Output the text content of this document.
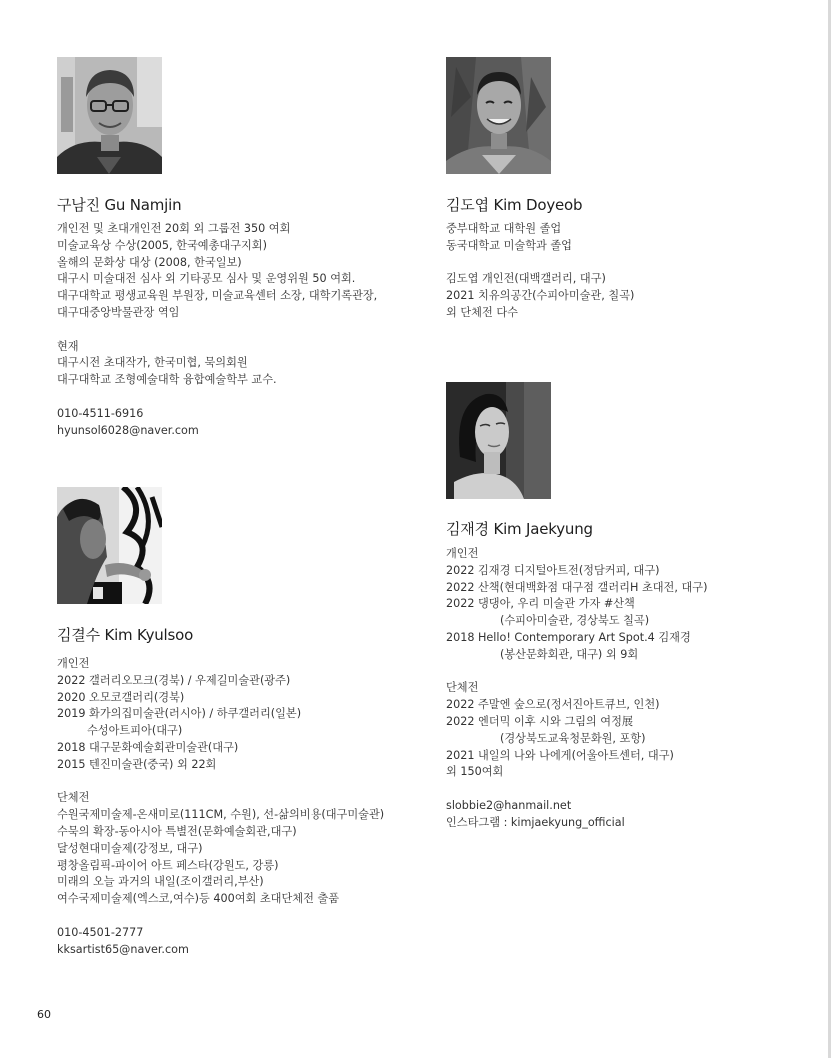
구남진 Gu Namjin
개인전 및 초대개인전 20회 외 그룹전 350 여회
미술교육상 수상(2005, 한국예총대구지회)
올해의 문화상 대상 (2008, 한국일보)
대구시 미술대전 심사 외 기타공모 심사 및 운영위원 50 여회.
대구대학교 평생교육원 부원장, 미술교육센터 소장, 대학기록관장,
대구대중앙박물관장 역임
현재
대구시전 초대작가, 한국미협, 묵의회원
대구대학교 조형예술대학 융합예술학부 교수.
010-4511-6916
hyunsol6028@naver.com
김도엽 Kim Doyeob
중부대학교 대학원 졸업
동국대학교 미술학과 졸업
김도엽 개인전(대백갤러리, 대구)
2021 치유의공간(수피아미술관, 칠곡)
외 단체전 다수
김재경 Kim Jaekyung
개인전
2022 김재경 디지털아트전(정담커피, 대구)
2022 산책(현대백화점 대구점 갤러리H 초대전, 대구)
2022 댕댕아, 우리 미술관 가자 #산책
(수피아미술관, 경상북도 칠곡)
2018 Hello! Contemporary Art Spot.4 김재경
(봉산문화회관, 대구) 외 9회
단체전
2022 주말엔 숲으로(정서진아트큐브, 인천)
2022 엔더믹 이후 시와 그림의 여정展
(경상북도교육청문화원, 포항)
2021 내일의 나와 나에게(어울아트센터, 대구)
외 150여회
slobbie2@hanmail.net
인스타그램 : kimjaekyung_official
김결수 Kim Kyulsoo
개인전
2022 갤러리오모크(경북) / 우제길미술관(광주)
2020 오모코갤러리(경북)
2019 화가의집미술관(러시아) / 하쿠갤러리(일본)
수성아트피아(대구)
2018 대구문화예술회관미술관(대구)
2015 텐진미술관(중국) 외 22회
단체전
수원국제미술제-온새미로(111CM, 수원), 선-삶의비용(대구미술관)
수묵의 확장-동아시아 특별전(문화예술회관,대구)
달성현대미술제(강정보, 대구)
평창올림픽-파이어 아트 페스타(강원도, 강릉)
미래의 오늘 과거의 내일(조이갤러리,부산)
여수국제미술제(엑스코,여수)등 400여회 초대단체전 출품
010-4501-2777
kksartist65@naver.com
60
